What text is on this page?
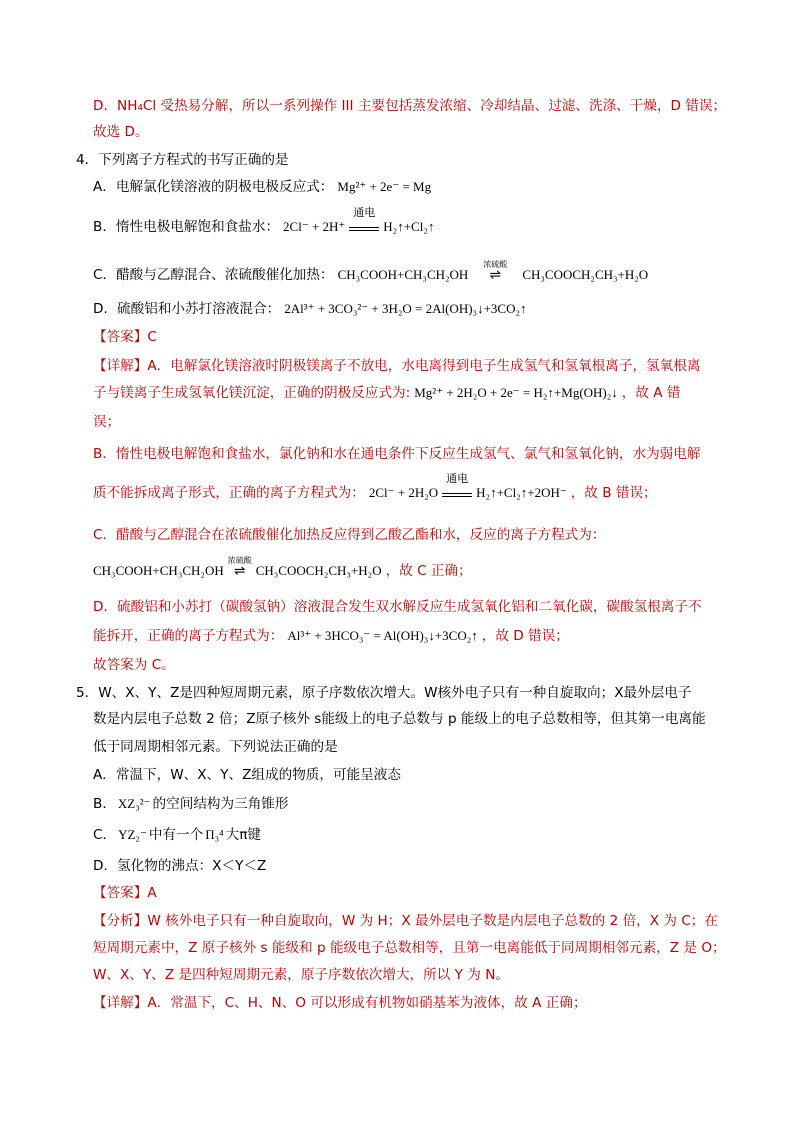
D．NH₄Cl 受热易分解，所以一系列操作 III 主要包括蒸发浓缩、冷却结晶、过滤、洗涤、干燥，D 错误；
故选 D。
4．下列离子方程式的书写正确的是
A．电解氯化镁溶液的阴极电极反应式： Mg²⁺ + 2e⁻ = Mg
B．惰性电极电解饱和食盐水： 2Cl⁻ + 2H⁺
通电
H₂↑+Cl₂↑
C．醋酸与乙醇混合、浓硫酸催化加热： CH₃COOH+CH₃CH₂OH
浓硫酸
⇌ CH₃COOCH₂CH₃+H₂O
D．硫酸铝和小苏打溶液混合： 2Al³⁺ + 3CO₃²⁻ + 3H₂O = 2Al(OH)₃↓+3CO₂↑
【答案】C
【详解】A．电解氯化镁溶液时阴极镁离子不放电，水电离得到电子生成氢气和氢氧根离子，氢氧根离
子与镁离子生成氢氧化镁沉淀，正确的阴极反应式为: Mg²⁺ + 2H₂O + 2e⁻ = H₂↑+Mg(OH)₂↓ ，故 A 错
误；
B．惰性电极电解饱和食盐水，氯化钠和水在通电条件下反应生成氢气、氯气和氢氧化钠，水为弱电解
质不能拆成离子形式，正确的离子方程式为： 2Cl⁻ + 2H₂O
通电
H₂↑+Cl₂↑+2OH⁻ ，故 B 错误；
C．醋酸与乙醇混合在浓硫酸催化加热反应得到乙酸乙酯和水，反应的离子方程式为：
CH₃COOH+CH₃CH₂OH
浓硫酸
⇌ CH₃COOCH₂CH₃+H₂O ，故 C 正确；
D．硫酸铝和小苏打（碳酸氢钠）溶液混合发生双水解反应生成氢氧化铝和二氧化碳，碳酸氢根离子不
能拆开，正确的离子方程式为： Al³⁺ + 3HCO₃⁻ = Al(OH)₃↓+3CO₂↑ ，故 D 错误；
故答案为 C。
5．W、X、Y、Z是四种短周期元素，原子序数依次增大。W核外电子只有一种自旋取向；X最外层电子
数是内层电子总数 2 倍；Z原子核外 s能级上的电子总数与 p 能级上的电子总数相等，但其第一电离能
低于同周期相邻元素。下列说法正确的是
A．常温下，W、X、Y、Z组成的物质，可能呈液态
B． XZ₃²⁻ 的空间结构为三角锥形
C． YZ₂⁻ 中有一个 Π₃⁴ 大π键
D．氢化物的沸点：X＜Y＜Z
【答案】A
【分析】W 核外电子只有一种自旋取向，W 为 H；X 最外层电子数是内层电子总数的 2 倍，X 为 C；在
短周期元素中，Z 原子核外 s 能级和 p 能级电子总数相等，且第一电离能低于同周期相邻元素，Z 是 O；
W、X、Y、Z 是四种短周期元素，原子序数依次增大，所以 Y 为 N。
【详解】A．常温下，C、H、N、O 可以形成有机物如硝基苯为液体，故 A 正确；
